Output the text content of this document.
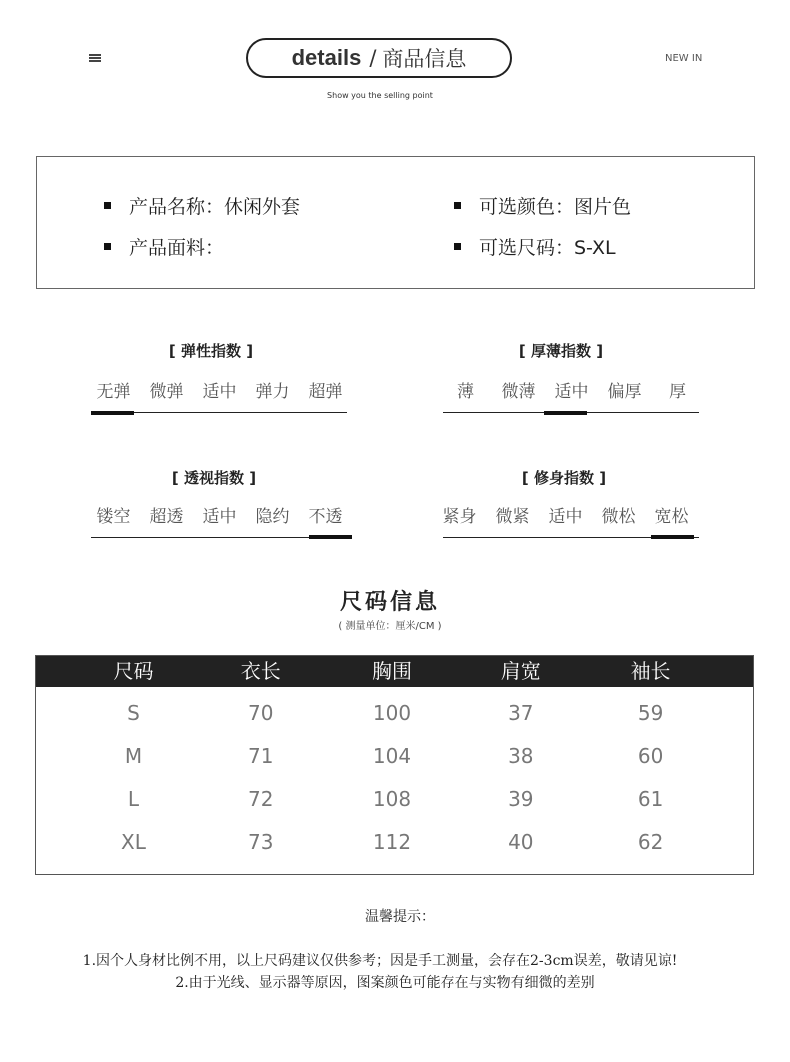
details / 商品信息
Show you the selling point
NEW IN
产品名称：休闲外套
产品面料：
可选颜色：图片色
可选尺码：S-XL
[ 弹性指数 ]
无弹	微弹	适中	弹力	超弹
[ 厚薄指数 ]
薄	微薄	适中	偏厚	厚
[ 透视指数 ]
镂空	超透	适中	隐约	不透
[ 修身指数 ]
紧身	微紧	适中	微松	宽松
尺码信息
( 测量单位：厘米/CM )
尺码	衣长	胸围	肩宽	袖长
S	70	100	37	59
M	71	104	38	60
L	72	108	39	61
XL	73	112	40	62
温馨提示：
1.因个人身材比例不用，以上尺码建议仅供参考；因是手工测量，会存在2-3cm误差，敬请见谅!
2.由于光线、显示器等原因，图案颜色可能存在与实物有细微的差别
